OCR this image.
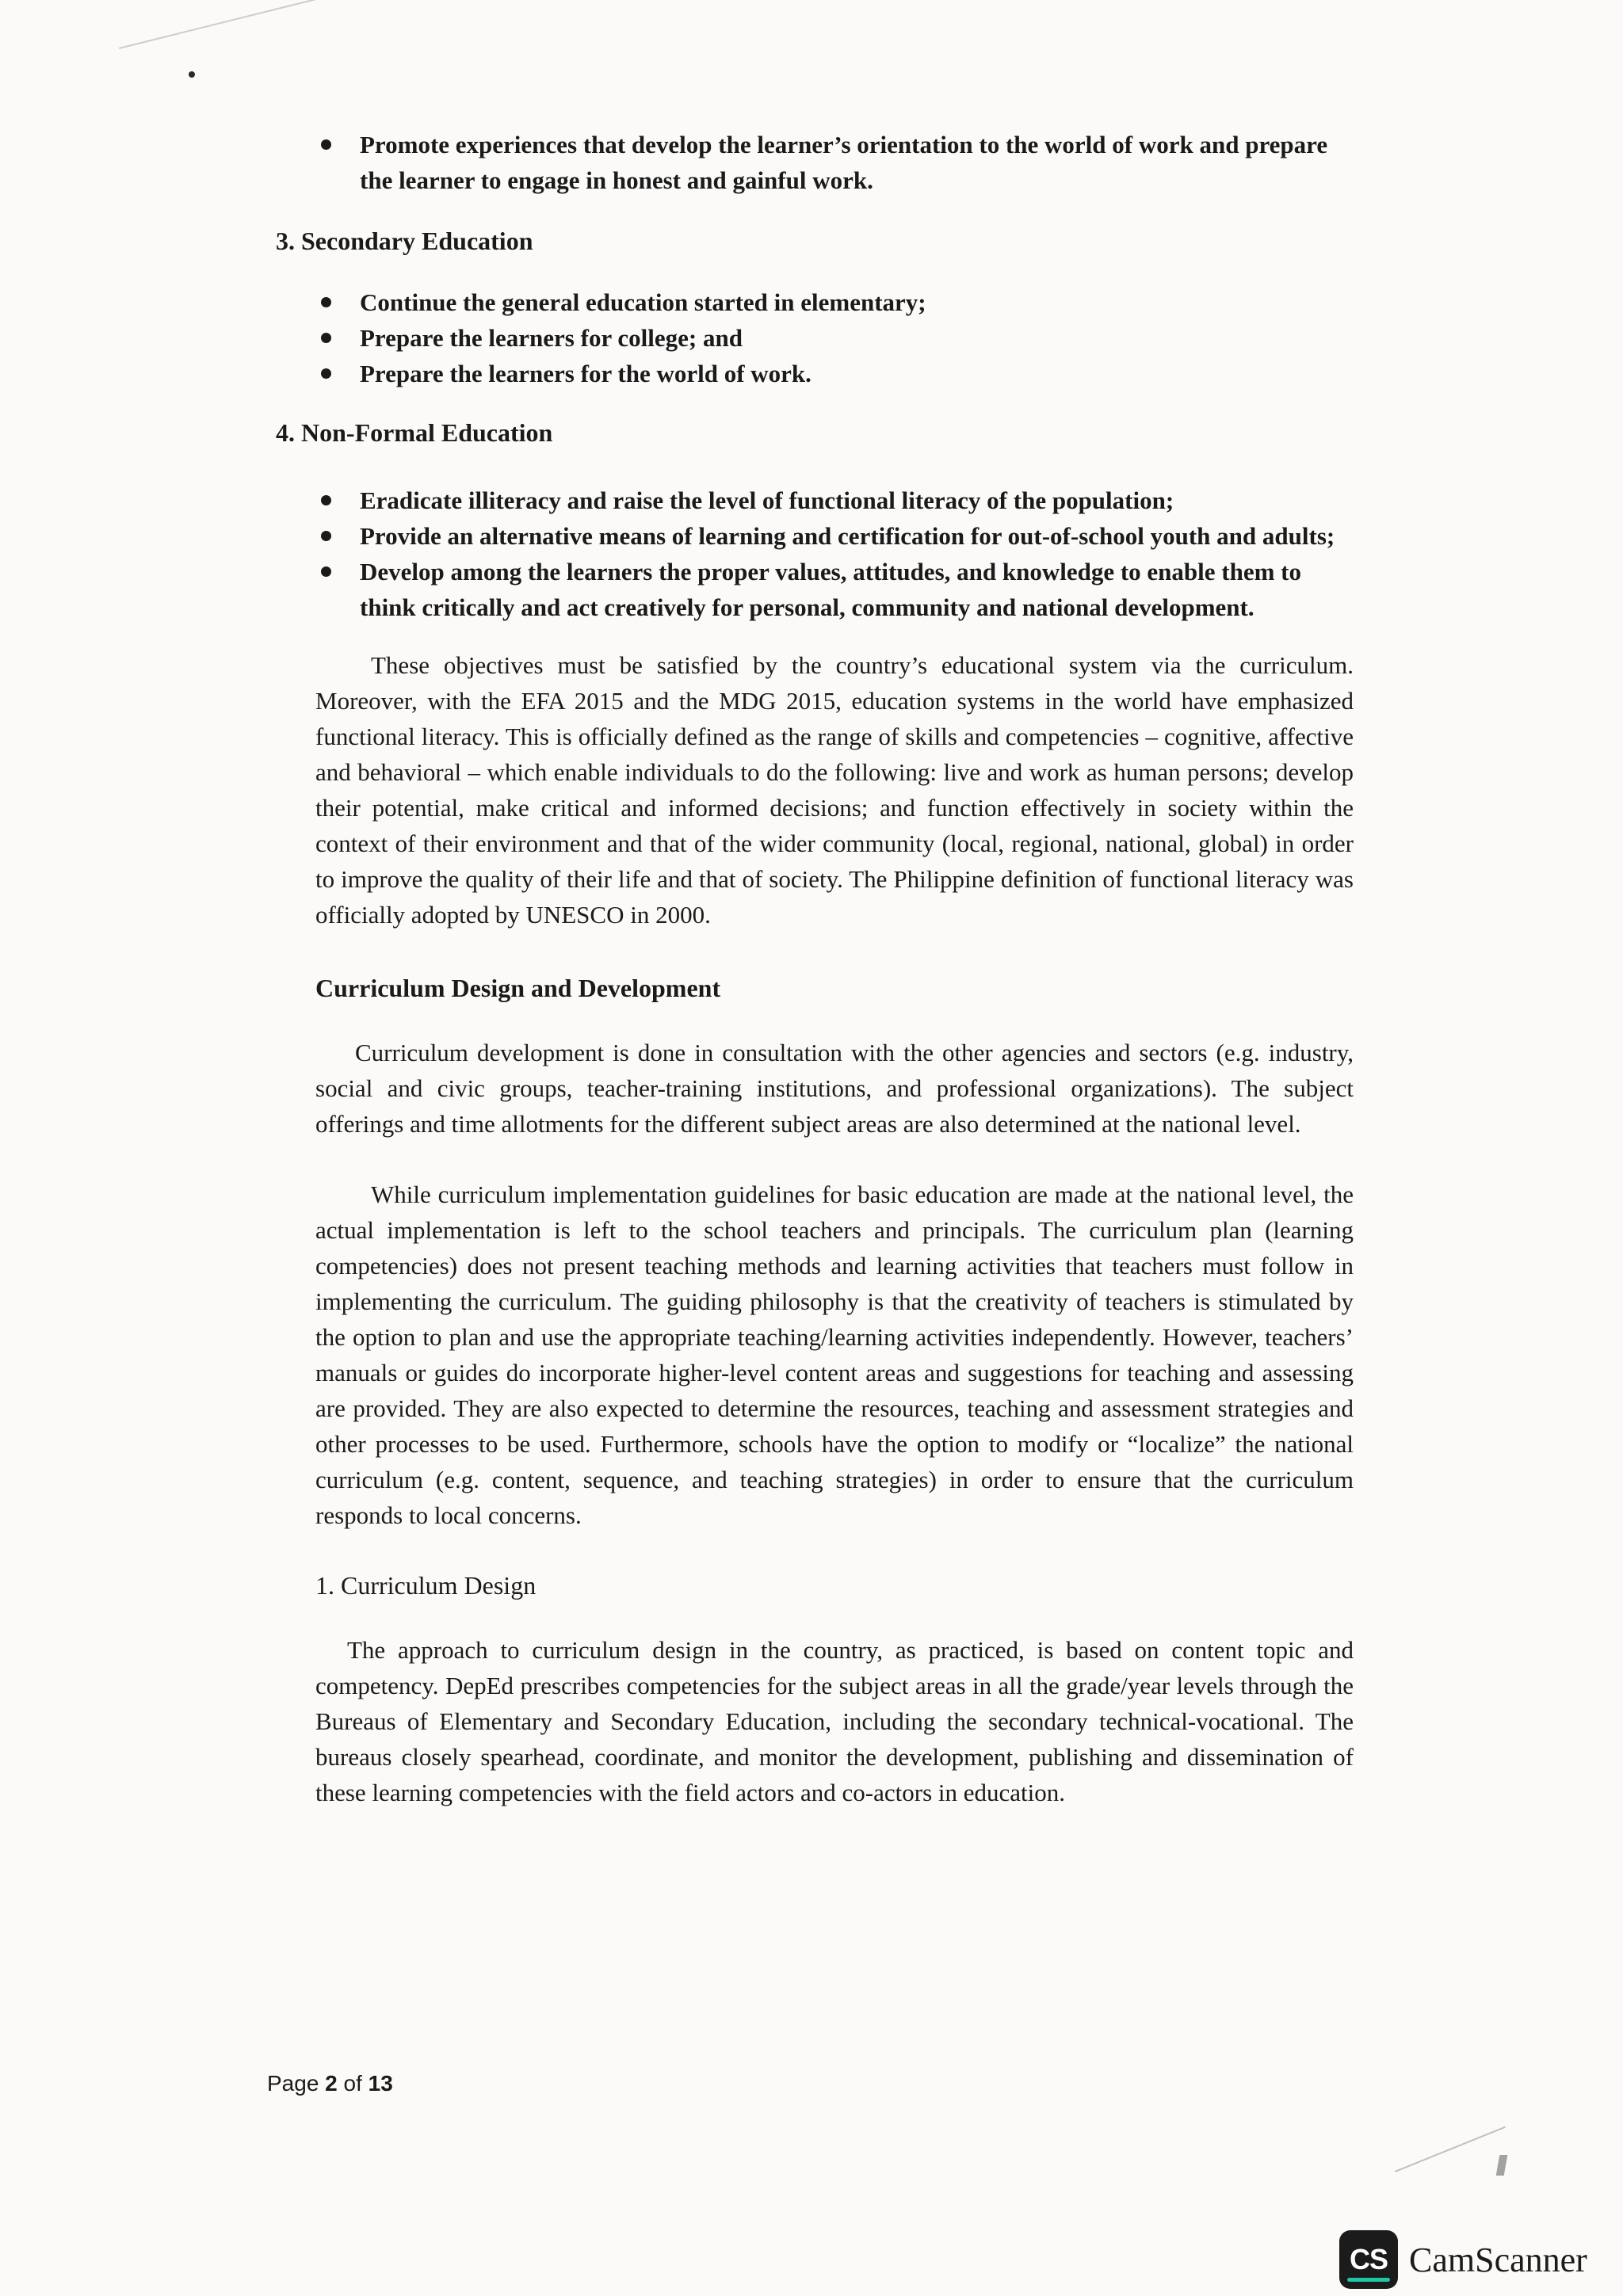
Promote experiences that develop the learner’s orientation to the world of work and prepare the learner to engage in honest and gainful work.
3. Secondary Education
Continue the general education started in elementary;
Prepare the learners for college; and
Prepare the learners for the world of work.
4. Non-Formal Education
Eradicate illiteracy and raise the level of functional literacy of the population;
Provide an alternative means of learning and certification for out-of-school youth and adults;
Develop among the learners the proper values, attitudes, and knowledge to enable them to think critically and act creatively for personal, community and national development.

These objectives must be satisfied by the country’s educational system via the curriculum. Moreover, with the EFA 2015 and the MDG 2015, education systems in the world have emphasized functional literacy. This is officially defined as the range of skills and competencies – cognitive, affective and behavioral – which enable individuals to do the following: live and work as human persons; develop their potential, make critical and informed decisions; and function effectively in society within the context of their environment and that of the wider community (local, regional, national, global) in order to improve the quality of their life and that of society. The Philippine definition of functional literacy was officially adopted by UNESCO in 2000.

Curriculum Design and Development

Curriculum development is done in consultation with the other agencies and sectors (e.g. industry, social and civic groups, teacher-training institutions, and professional organizations). The subject offerings and time allotments for the different subject areas are also determined at the national level.

While curriculum implementation guidelines for basic education are made at the national level, the actual implementation is left to the school teachers and principals. The curriculum plan (learning competencies) does not present teaching methods and learning activities that teachers must follow in implementing the curriculum. The guiding philosophy is that the creativity of teachers is stimulated by the option to plan and use the appropriate teaching/learning activities independently. However, teachers’ manuals or guides do incorporate higher-level content areas and suggestions for teaching and assessing are provided. They are also expected to determine the resources, teaching and assessment strategies and other processes to be used. Furthermore, schools have the option to modify or “localize” the national curriculum (e.g. content, sequence, and teaching strategies) in order to ensure that the curriculum responds to local concerns.

1. Curriculum Design

The approach to curriculum design in the country, as practiced, is based on content topic and competency. DepEd prescribes competencies for the subject areas in all the grade/year levels through the Bureaus of Elementary and Secondary Education, including the secondary technical-vocational. The bureaus closely spearhead, coordinate, and monitor the development, publishing and dissemination of these learning competencies with the field actors and co-actors in education.

Page 2 of 13
CS CamScanner
